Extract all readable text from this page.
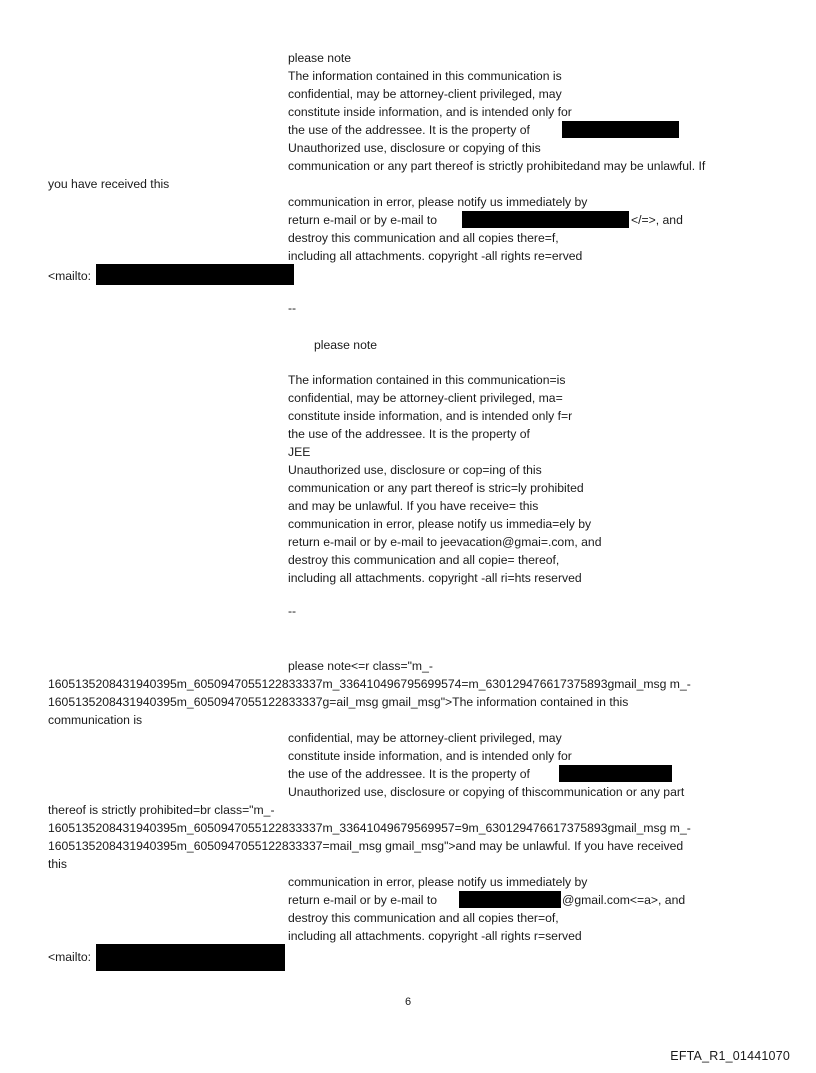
please note
The information contained in this communication is
confidential, may be attorney-client privileged, may
constitute inside information, and is intended only for
the use of the addressee. It is the property of
Unauthorized use, disclosure or copying of this
communication or any part thereof is strictly prohibitedand may be unlawful. If
you have received this
communication in error, please notify us immediately by
return e-mail or by e-mail to	</=>, and
destroy this communication and all copies there=f,
including all attachments. copyright -all rights re=erved
<mailto:
--
please note
The information contained in this communication=is
confidential, may be attorney-client privileged, ma=
constitute inside information, and is intended only f=r
the use of the addressee. It is the property of
JEE
Unauthorized use, disclosure or cop=ing of this
communication or any part thereof is stric=ly prohibited
and may be unlawful. If you have receive= this
communication in error, please notify us immedia=ely by
return e-mail or by e-mail to jeevacation@gmai=.com, and
destroy this communication and all copie= thereof,
including all attachments. copyright -all ri=hts reserved
--
please note<=r class="m_-
1605135208431940395m_6050947055122833337m_336410496795699574=m_630129476617375893gmail_msg m_-
1605135208431940395m_6050947055122833337g=ail_msg gmail_msg">The information contained in this
communication is
confidential, may be attorney-client privileged, may
constitute inside information, and is intended only for
the use of the addressee. It is the property of
Unauthorized use, disclosure or copying of thiscommunication or any part
thereof is strictly prohibited=br class="m_-
1605135208431940395m_6050947055122833337m_33641049679569957=9m_630129476617375893gmail_msg m_-
1605135208431940395m_6050947055122833337=mail_msg gmail_msg">and may be unlawful. If you have received
this
communication in error, please notify us immediately by
return e-mail or by e-mail to	@gmail.com<=a>, and
destroy this communication and all copies ther=of,
including all attachments. copyright -all rights r=served
<mailto:
6
EFTA_R1_01441070
